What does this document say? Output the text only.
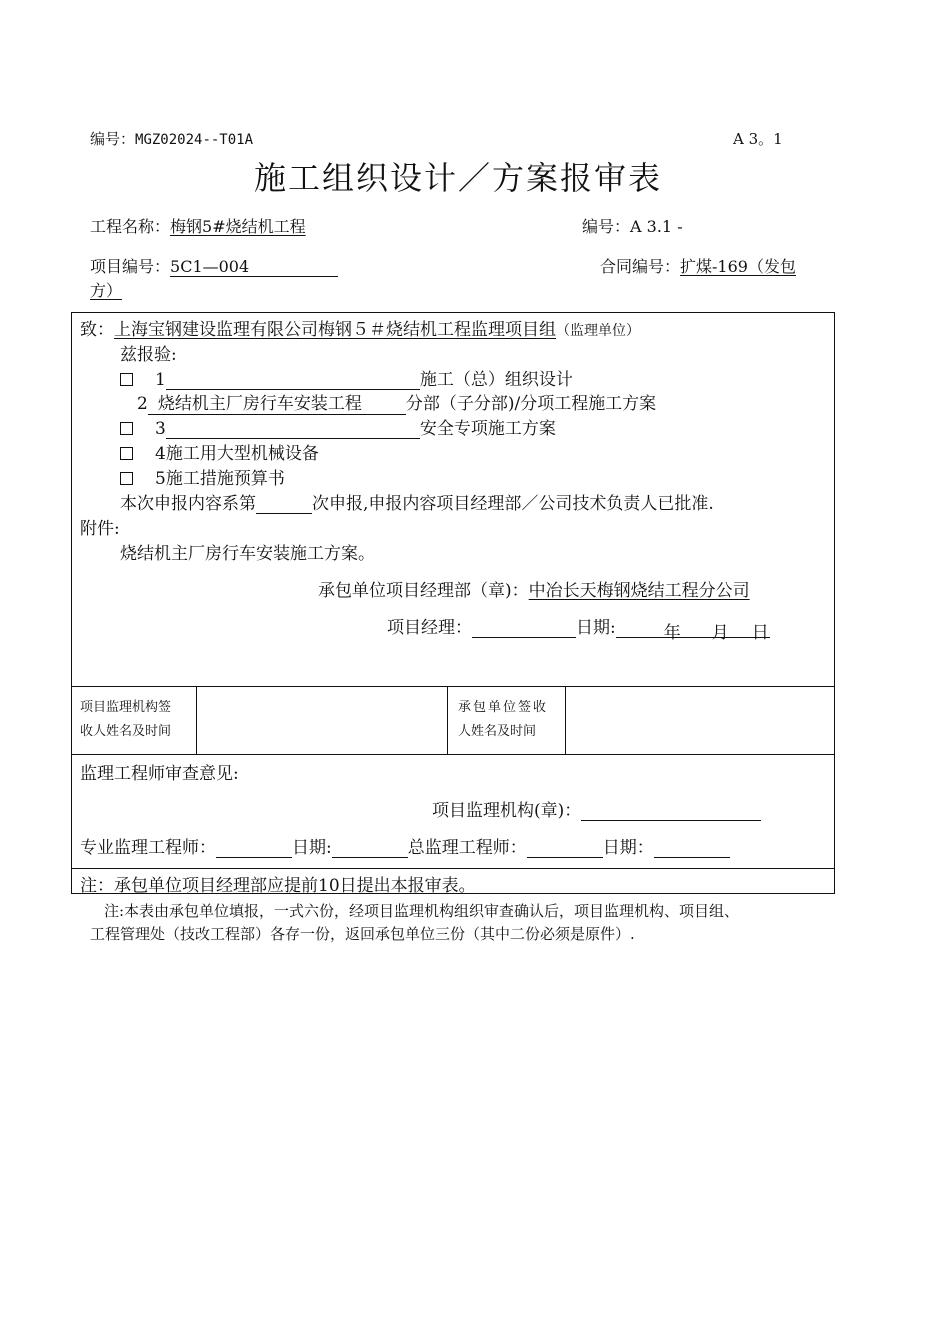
编号：MGZ02024--T01A	A 3。1
施工组织设计／方案报审表
工程名称：梅钢5#烧结机工程	编号：A 3.1 -
项目编号：5C1—004	合同编号：扩煤-169（发包
方）
致：上海宝钢建设监理有限公司梅钢５＃烧结机工程监理项目组（监理单位）
兹报验:
1	施工（总）组织设计
2 烧结机主厂房行车安装工程	分部（子分部)/分项工程施工方案
3	安全专项施工方案
4施工用大型机械设备
5施工措施预算书
本次申报内容系第	次申报,申报内容项目经理部／公司技术负责人已批准.
附件:
烧结机主厂房行车安装施工方案。
承包单位项目经理部（章)：中冶长天梅钢烧结工程分公司
项目经理：	日期:	年 月 日
项目监理机构签
收人姓名及时间
承包单位签收
人姓名及时间
监理工程师审查意见:
项目监理机构(章)：
专业监理工程师：	日期:	总监理工程师：	日期：
注：承包单位项目经理部应提前10日提出本报审表。
注:本表由承包单位填报，一式六份，经项目监理机构组织审查确认后，项目监理机构、项目组、
工程管理处（技改工程部）各存一份，返回承包单位三份（其中二份必须是原件）.
